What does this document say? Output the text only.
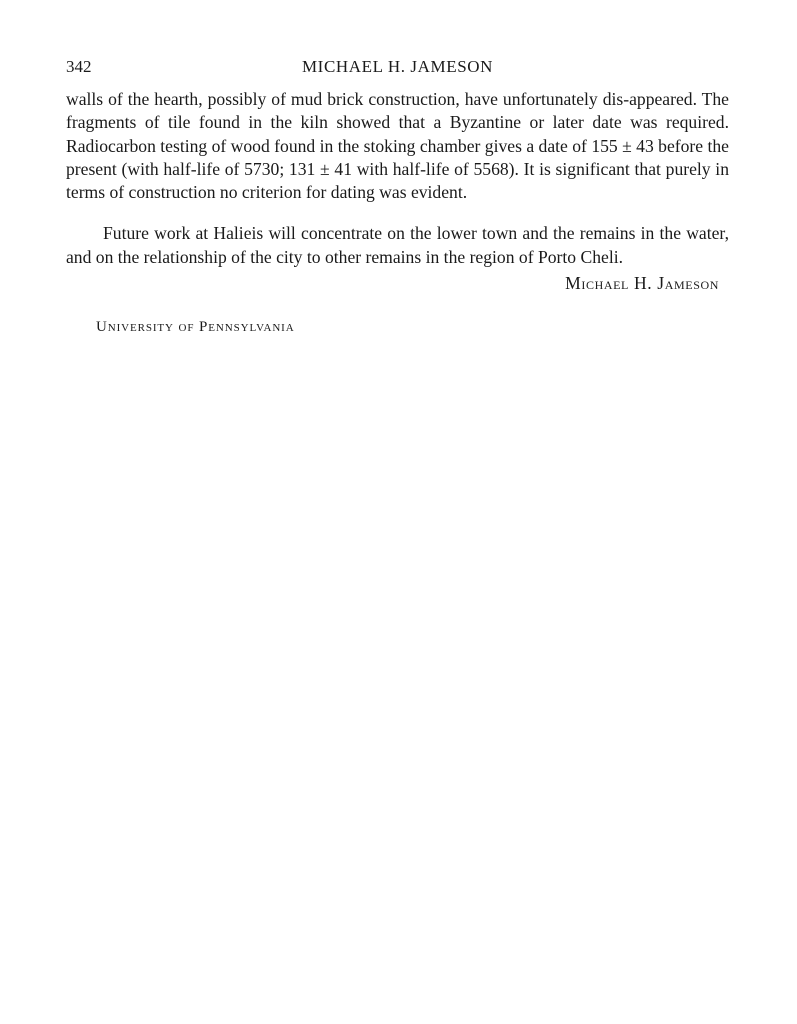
342	MICHAEL H. JAMESON

walls of the hearth, possibly of mud brick construction, have unfortunately dis-appeared. The fragments of tile found in the kiln showed that a Byzantine or later date was required. Radiocarbon testing of wood found in the stoking chamber gives a date of 155 ± 43 before the present (with half-life of 5730; 131 ± 41 with half-life of 5568). It is significant that purely in terms of construction no criterion for dating was evident.

Future work at Halieis will concentrate on the lower town and the remains in the water, and on the relationship of the city to other remains in the region of Porto Cheli.

Michael H. Jameson
University of Pennsylvania
